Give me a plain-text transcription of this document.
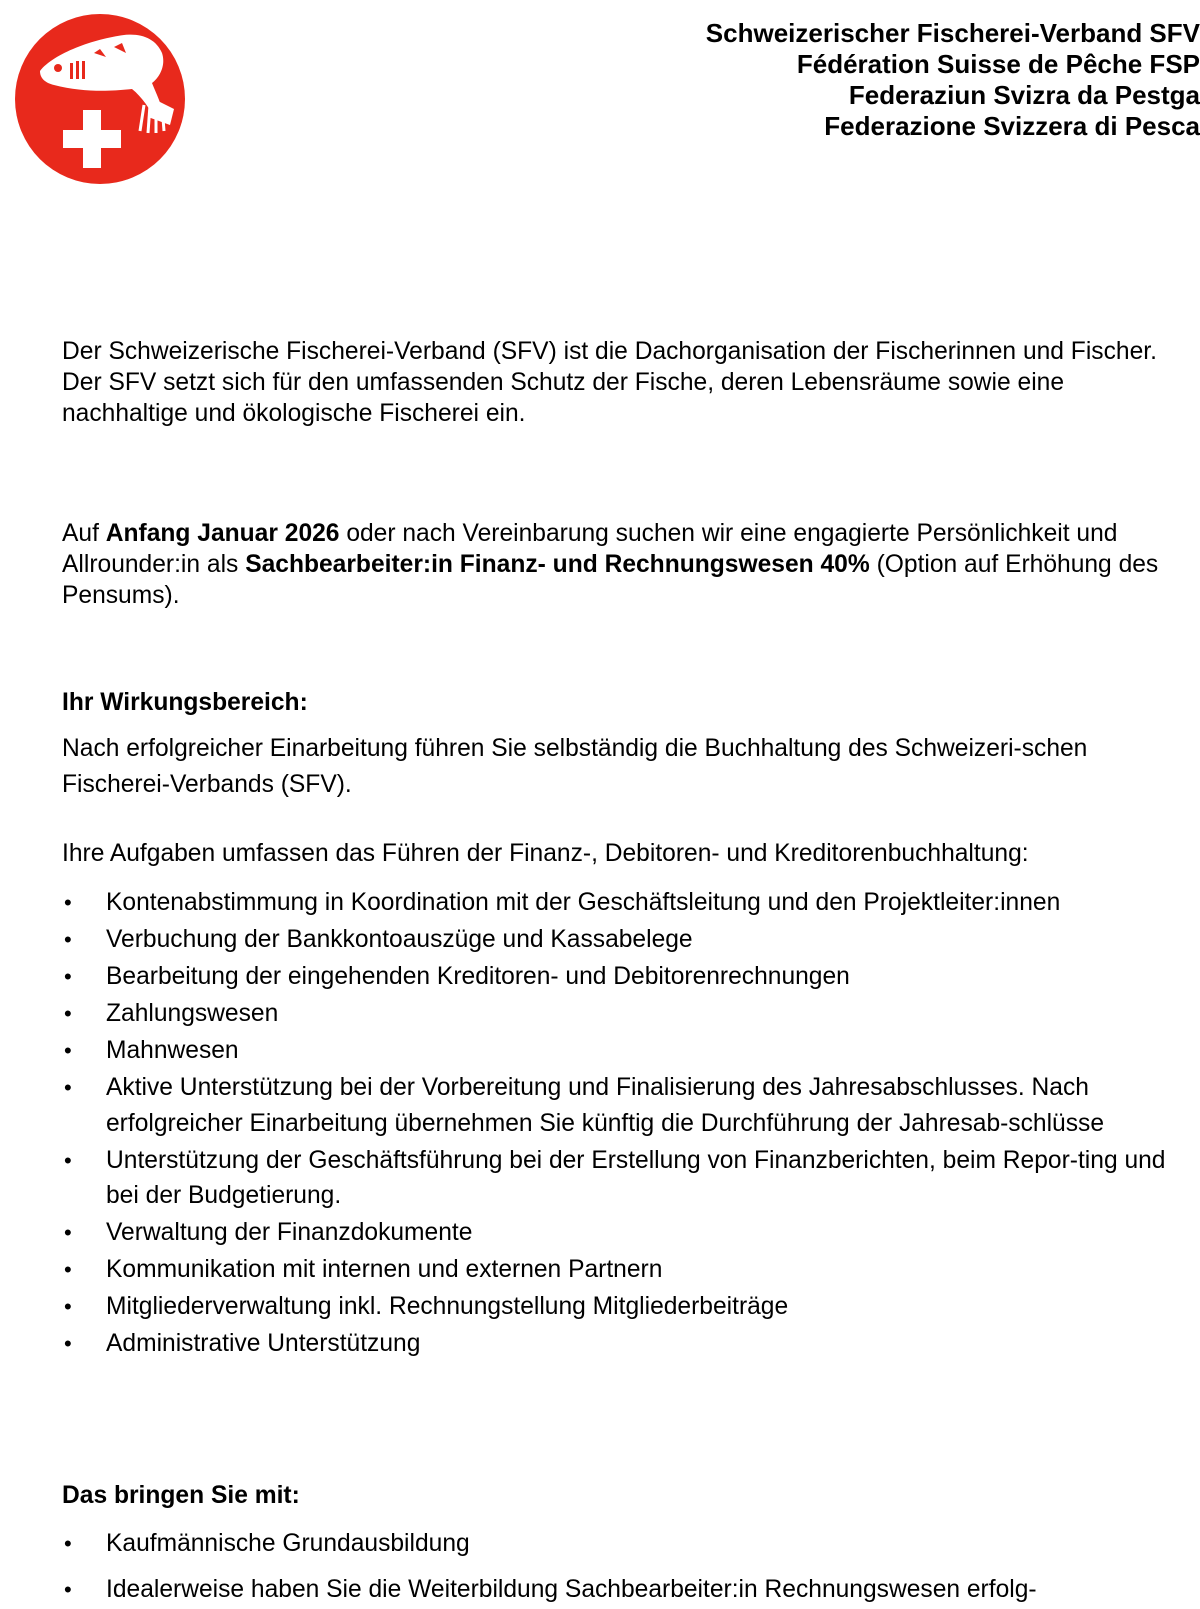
Schweizerischer Fischerei-Verband SFV
Fédération Suisse de Pêche FSP
Federaziun Svizra da Pestga
Federazione Svizzera di Pesca
Der Schweizerische Fischerei-Verband (SFV) ist die Dachorganisation der Fischerinnen und Fischer. Der SFV setzt sich für den umfassenden Schutz der Fische, deren Lebensräume sowie eine nachhaltige und ökologische Fischerei ein.
Auf Anfang Januar 2026 oder nach Vereinbarung suchen wir eine engagierte Persönlichkeit und Allrounder:in als Sachbearbeiter:in Finanz- und Rechnungswesen 40% (Option auf Erhöhung des Pensums).
Ihr Wirkungsbereich:
Nach erfolgreicher Einarbeitung führen Sie selbständig die Buchhaltung des Schweizeri-schen Fischerei-Verbands (SFV).
Ihre Aufgaben umfassen das Führen der Finanz-, Debitoren- und Kreditorenbuchhaltung:
• Kontenabstimmung in Koordination mit der Geschäftsleitung und den Projektleiter:innen
• Verbuchung der Bankkontoauszüge und Kassabelege
• Bearbeitung der eingehenden Kreditoren- und Debitorenrechnungen
• Zahlungswesen
• Mahnwesen
• Aktive Unterstützung bei der Vorbereitung und Finalisierung des Jahresabschlusses. Nach erfolgreicher Einarbeitung übernehmen Sie künftig die Durchführung der Jahresab-schlüsse
• Unterstützung der Geschäftsführung bei der Erstellung von Finanzberichten, beim Repor-ting und bei der Budgetierung.
• Verwaltung der Finanzdokumente
• Kommunikation mit internen und externen Partnern
• Mitgliederverwaltung inkl. Rechnungstellung Mitgliederbeiträge
• Administrative Unterstützung
Das bringen Sie mit:
• Kaufmännische Grundausbildung
• Idealerweise haben Sie die Weiterbildung Sachbearbeiter:in Rechnungswesen erfolg-
